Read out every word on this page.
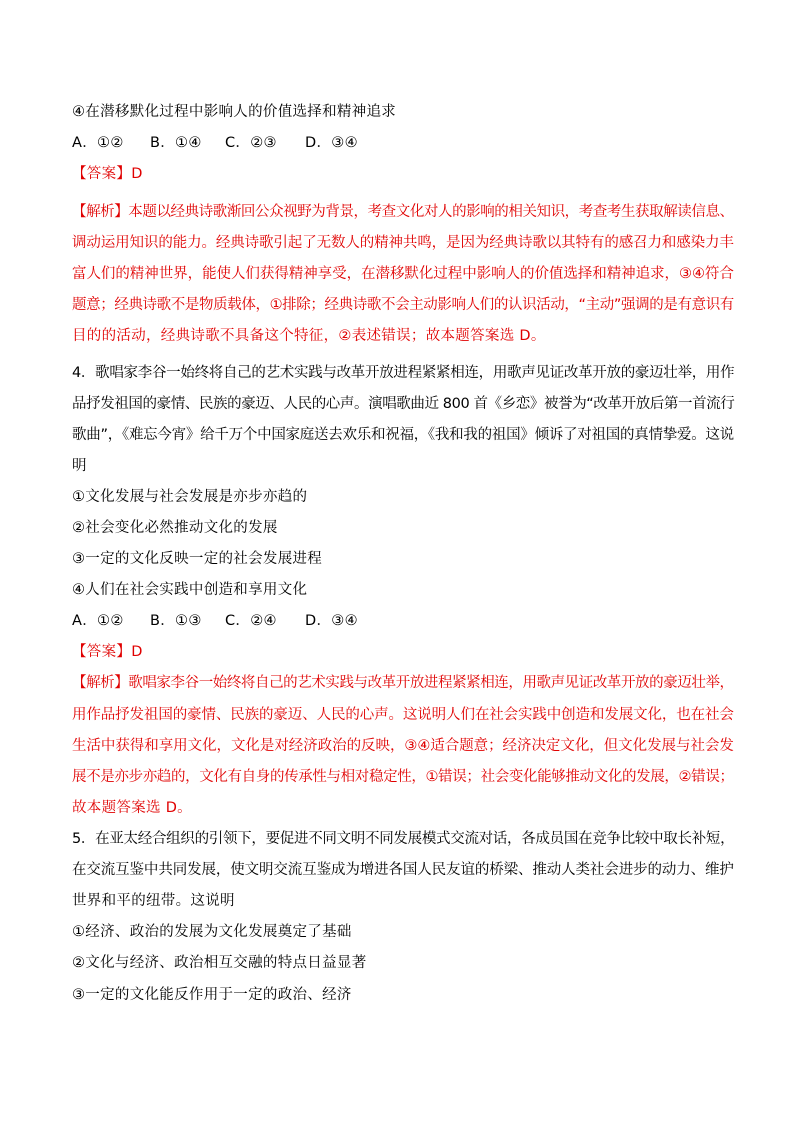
④在潜移默化过程中影响人的价值选择和精神追求
A．①② B．①④ C．②③ D．③④
【答案】D
【解析】本题以经典诗歌渐回公众视野为背景，考查文化对人的影响的相关知识，考查考生获取解读信息、
调动运用知识的能力。经典诗歌引起了无数人的精神共鸣，是因为经典诗歌以其特有的感召力和感染力丰
富人们的精神世界，能使人们获得精神享受，在潜移默化过程中影响人的价值选择和精神追求，③④符合
题意；经典诗歌不是物质载体，①排除；经典诗歌不会主动影响人们的认识活动，“主动”强调的是有意识有
目的的活动，经典诗歌不具备这个特征，②表述错误；故本题答案选 D。
4．歌唱家李谷一始终将自己的艺术实践与改革开放进程紧紧相连，用歌声见证改革开放的豪迈壮举，用作
品抒发祖国的豪情、民族的豪迈、人民的心声。演唱歌曲近 800 首《乡恋》被誉为“改革开放后第一首流行
歌曲”，《难忘今宵》给千万个中国家庭送去欢乐和祝福，《我和我的祖国》倾诉了对祖国的真情挚爱。这说
明
①文化发展与社会发展是亦步亦趋的
②社会变化必然推动文化的发展
③一定的文化反映一定的社会发展进程
④人们在社会实践中创造和享用文化
A．①② B．①③ C．②④ D．③④
【答案】D
【解析】歌唱家李谷一始终将自己的艺术实践与改革开放进程紧紧相连，用歌声见证改革开放的豪迈壮举，
用作品抒发祖国的豪情、民族的豪迈、人民的心声。这说明人们在社会实践中创造和发展文化，也在社会
生活中获得和享用文化，文化是对经济政治的反映，③④适合题意；经济决定文化，但文化发展与社会发
展不是亦步亦趋的，文化有自身的传承性与相对稳定性，①错误；社会变化能够推动文化的发展，②错误；
故本题答案选 D。
5．在亚太经合组织的引领下，要促进不同文明不同发展模式交流对话，各成员国在竞争比较中取长补短，
在交流互鉴中共同发展，使文明交流互鉴成为增进各国人民友谊的桥梁、推动人类社会进步的动力、维护
世界和平的纽带。这说明
①经济、政治的发展为文化发展奠定了基础
②文化与经济、政治相互交融的特点日益显著
③一定的文化能反作用于一定的政治、经济
